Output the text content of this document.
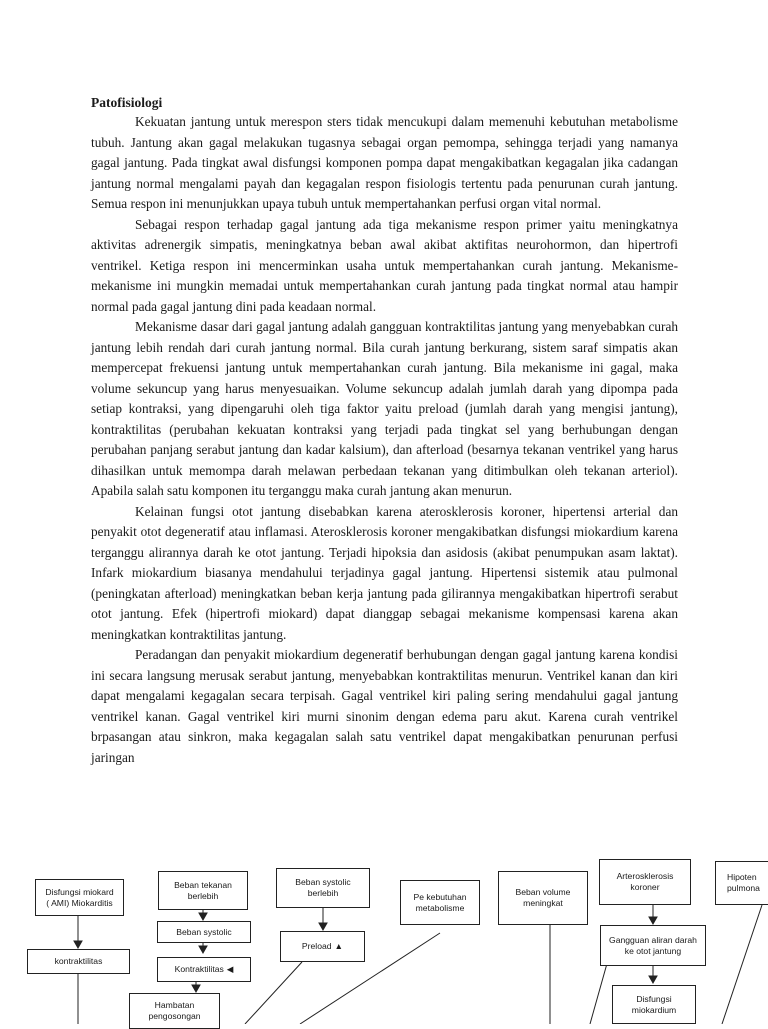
Patofisiologi

Kekuatan jantung untuk merespon sters tidak mencukupi dalam memenuhi kebutuhan metabolisme tubuh. Jantung akan gagal melakukan tugasnya sebagai organ pemompa, sehingga terjadi yang namanya gagal jantung. Pada tingkat awal disfungsi komponen pompa dapat mengakibatkan kegagalan jika cadangan jantung normal mengalami payah dan kegagalan respon fisiologis tertentu pada penurunan curah jantung. Semua respon ini menunjukkan upaya tubuh untuk mempertahankan perfusi organ vital normal.

Sebagai respon terhadap gagal jantung ada tiga mekanisme respon primer yaitu meningkatnya aktivitas adrenergik simpatis, meningkatnya beban awal akibat aktifitas neurohormon, dan hipertrofi ventrikel. Ketiga respon ini mencerminkan usaha untuk mempertahankan curah jantung. Mekanisme-mekanisme ini mungkin memadai untuk mempertahankan curah jantung pada tingkat normal atau hampir normal pada gagal jantung dini pada keadaan normal.

Mekanisme dasar dari gagal jantung adalah gangguan kontraktilitas jantung yang menyebabkan curah jantung lebih rendah dari curah jantung normal. Bila curah jantung berkurang, sistem saraf simpatis akan mempercepat frekuensi jantung untuk mempertahankan curah jantung. Bila mekanisme ini gagal, maka volume sekuncup yang harus menyesuaikan. Volume sekuncup adalah jumlah darah yang dipompa pada setiap kontraksi, yang dipengaruhi oleh tiga faktor yaitu preload (jumlah darah yang mengisi jantung), kontraktilitas (perubahan kekuatan kontraksi yang terjadi pada tingkat sel yang berhubungan dengan perubahan panjang serabut jantung dan kadar kalsium), dan afterload (besarnya tekanan ventrikel yang harus dihasilkan untuk memompa darah melawan perbedaan tekanan yang ditimbulkan oleh tekanan arteriol). Apabila salah satu komponen itu terganggu maka curah jantung akan menurun.

Kelainan fungsi otot jantung disebabkan karena aterosklerosis koroner, hipertensi arterial dan penyakit otot degeneratif atau inflamasi. Aterosklerosis koroner mengakibatkan disfungsi miokardium karena terganggu alirannya darah ke otot jantung. Terjadi hipoksia dan asidosis (akibat penumpukan asam laktat). Infark miokardium biasanya mendahului terjadinya gagal jantung. Hipertensi sistemik atau pulmonal (peningkatan afterload) meningkatkan beban kerja jantung pada gilirannya mengakibatkan hipertrofi serabut otot jantung. Efek (hipertrofi miokard) dapat dianggap sebagai mekanisme kompensasi karena akan meningkatkan kontraktilitas jantung.

Peradangan dan penyakit miokardium degeneratif berhubungan dengan gagal jantung karena kondisi ini secara langsung merusak serabut jantung, menyebabkan kontraktilitas menurun. Ventrikel kanan dan kiri dapat mengalami kegagalan secara terpisah. Gagal ventrikel kiri paling sering mendahului gagal jantung ventrikel kanan. Gagal ventrikel kiri murni sinonim dengan edema paru akut. Karena curah ventrikel brpasangan atau sinkron, maka kegagalan salah satu ventrikel dapat mengakibatkan penurunan perfusi jaringan

Disfungsi miokard
( AMI) Miokarditis
kontraktilitas
Beban tekanan
berlebih
Beban systolic
Kontraktilitas ◀
Hambatan
pengosongan
Beban systolic
berlebih
Preload ▲
Pe kebutuhan
metabolisme
Beban volume
meningkat
Arterosklerosis
koroner
Gangguan aliran darah
ke otot jantung
Disfungsi
miokardium
Hipoten
pulmona
